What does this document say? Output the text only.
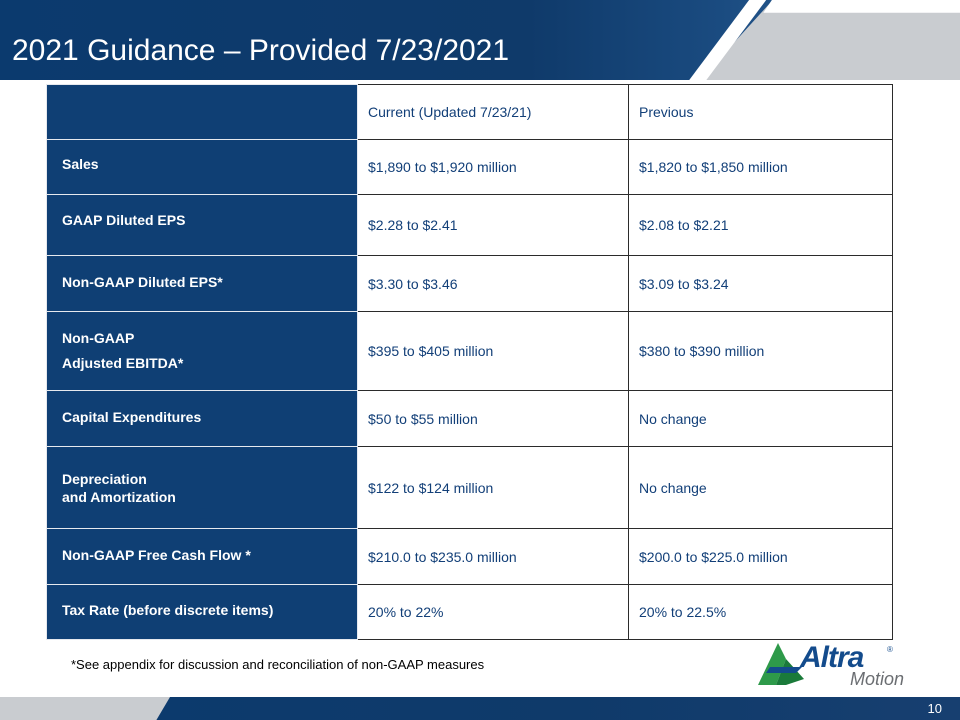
2021 Guidance – Provided 7/23/2021
	Current (Updated 7/23/21)	Previous

Sales	$1,890 to $1,920 million	$1,820 to $1,850 million

GAAP Diluted EPS	$2.28 to $2.41	$2.08 to $2.21

Non-GAAP Diluted EPS*	$3.30 to $3.46	$3.09 to $3.24

Non-GAAP
Adjusted EBITDA*	$395 to $405 million	$380 to $390 million

Capital Expenditures	$50 to $55 million	No change

Depreciation
and Amortization	$122 to $124 million	No change

Non-GAAP Free Cash Flow *	$210.0 to $235.0 million	$200.0 to $225.0 million

Tax Rate (before discrete items)	20% to 22%	20% to 22.5%
*See appendix for discussion and reconciliation of non-GAAP measures	Altra	®
Motion
10
